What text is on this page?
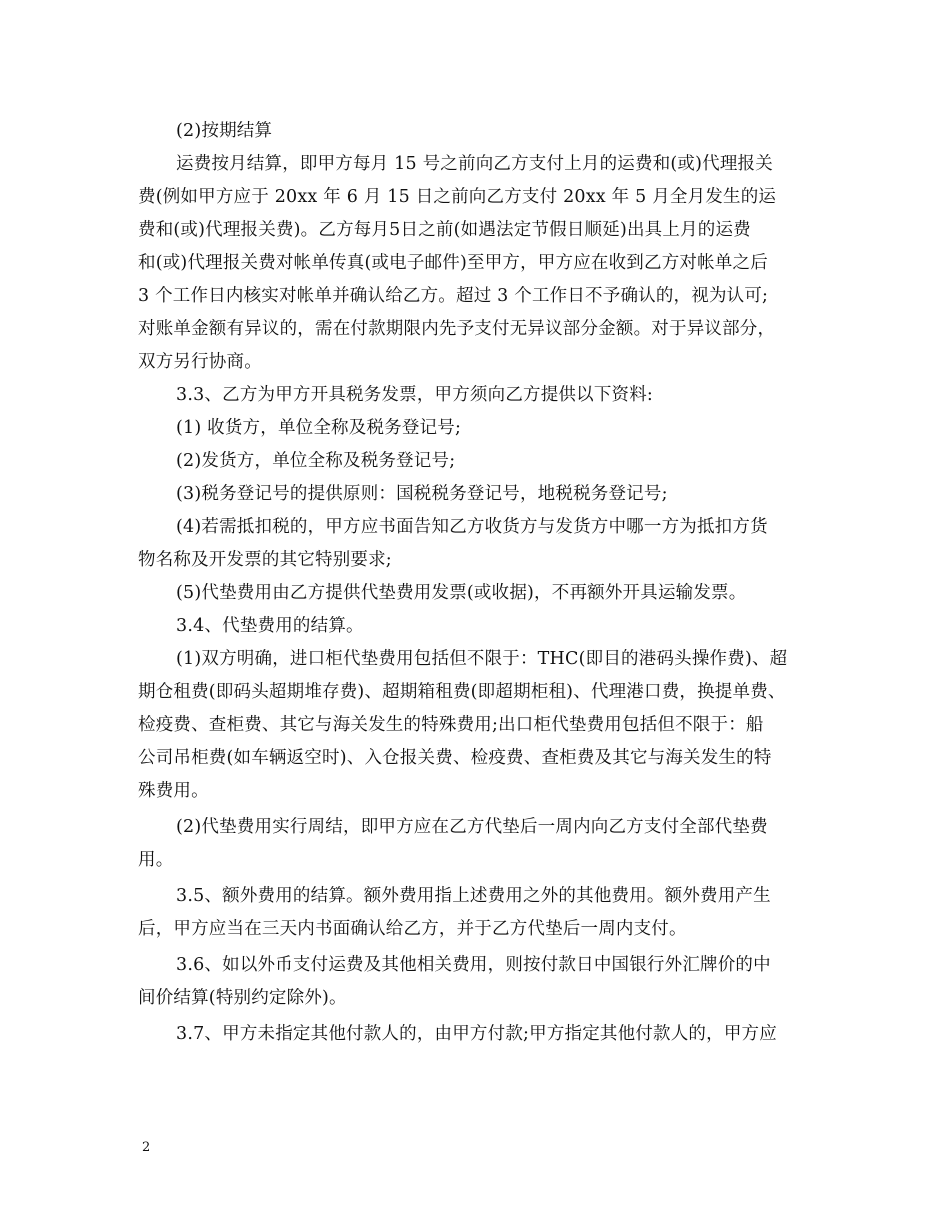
(2)按期结算
运费按月结算，即甲方每月 15 号之前向乙方支付上月的运费和(或)代理报关
费(例如甲方应于 20xx 年 6 月 15 日之前向乙方支付 20xx 年 5 月全月发生的运
费和(或)代理报关费)。乙方每月5日之前(如遇法定节假日顺延)出具上月的运费
和(或)代理报关费对帐单传真(或电子邮件)至甲方，甲方应在收到乙方对帐单之后
3 个工作日内核实对帐单并确认给乙方。超过 3 个工作日不予确认的，视为认可;
对账单金额有异议的，需在付款期限内先予支付无异议部分金额。对于异议部分，
双方另行协商。
3.3、乙方为甲方开具税务发票，甲方须向乙方提供以下资料:
(1) 收货方，单位全称及税务登记号;
(2)发货方，单位全称及税务登记号;
(3)税务登记号的提供原则：国税税务登记号，地税税务登记号;
(4)若需抵扣税的，甲方应书面告知乙方收货方与发货方中哪一方为抵扣方货
物名称及开发票的其它特别要求;
(5)代垫费用由乙方提供代垫费用发票(或收据)，不再额外开具运输发票。
3.4、代垫费用的结算。
(1)双方明确，进口柜代垫费用包括但不限于：THC(即目的港码头操作费)、超
期仓租费(即码头超期堆存费)、超期箱租费(即超期柜租)、代理港口费，换提单费、
检疫费、查柜费、其它与海关发生的特殊费用;出口柜代垫费用包括但不限于：船
公司吊柜费(如车辆返空时)、入仓报关费、检疫费、查柜费及其它与海关发生的特
殊费用。
(2)代垫费用实行周结，即甲方应在乙方代垫后一周内向乙方支付全部代垫费
用。
3.5、额外费用的结算。额外费用指上述费用之外的其他费用。额外费用产生
后，甲方应当在三天内书面确认给乙方，并于乙方代垫后一周内支付。
3.6、如以外币支付运费及其他相关费用，则按付款日中国银行外汇牌价的中
间价结算(特别约定除外)。
3.7、甲方未指定其他付款人的，由甲方付款;甲方指定其他付款人的，甲方应
2
